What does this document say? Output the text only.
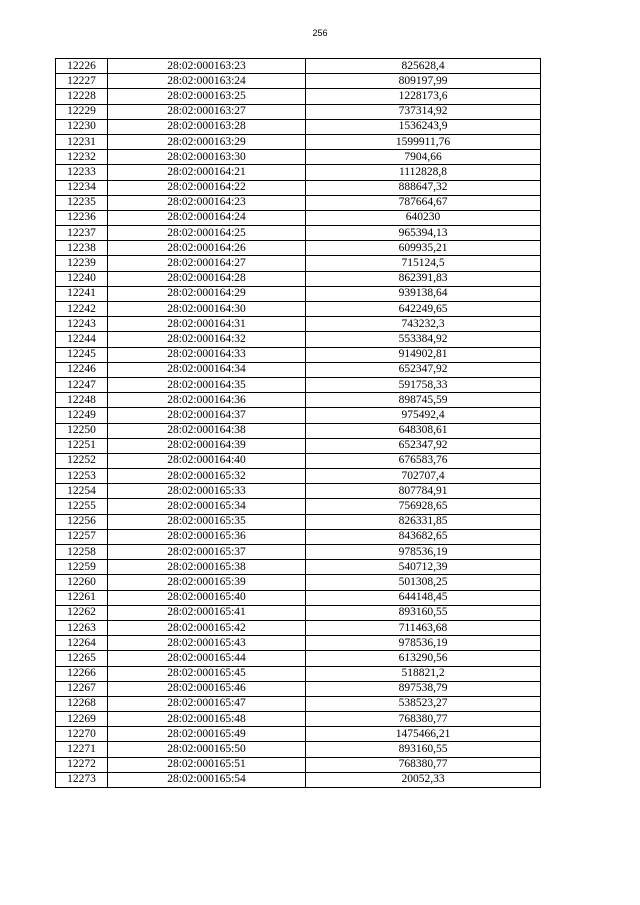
256
12226	28:02:000163:23	825628,4
12227	28:02:000163:24	809197,99
12228	28:02:000163:25	1228173,6
12229	28:02:000163:27	737314,92
12230	28:02:000163:28	1536243,9
12231	28:02:000163:29	1599911,76
12232	28:02:000163:30	7904,66
12233	28:02:000164:21	1112828,8
12234	28:02:000164:22	888647,32
12235	28:02:000164:23	787664,67
12236	28:02:000164:24	640230
12237	28:02:000164:25	965394,13
12238	28:02:000164:26	609935,21
12239	28:02:000164:27	715124,5
12240	28:02:000164:28	862391,83
12241	28:02:000164:29	939138,64
12242	28:02:000164:30	642249,65
12243	28:02:000164:31	743232,3
12244	28:02:000164:32	553384,92
12245	28:02:000164:33	914902,81
12246	28:02:000164:34	652347,92
12247	28:02:000164:35	591758,33
12248	28:02:000164:36	898745,59
12249	28:02:000164:37	975492,4
12250	28:02:000164:38	648308,61
12251	28:02:000164:39	652347,92
12252	28:02:000164:40	676583,76
12253	28:02:000165:32	702707,4
12254	28:02:000165:33	807784,91
12255	28:02:000165:34	756928,65
12256	28:02:000165:35	826331,85
12257	28:02:000165:36	843682,65
12258	28:02:000165:37	978536,19
12259	28:02:000165:38	540712,39
12260	28:02:000165:39	501308,25
12261	28:02:000165:40	644148,45
12262	28:02:000165:41	893160,55
12263	28:02:000165:42	711463,68
12264	28:02:000165:43	978536,19
12265	28:02:000165:44	613290,56
12266	28:02:000165:45	518821,2
12267	28:02:000165:46	897538,79
12268	28:02:000165:47	538523,27
12269	28:02:000165:48	768380,77
12270	28:02:000165:49	1475466,21
12271	28:02:000165:50	893160,55
12272	28:02:000165:51	768380,77
12273	28:02:000165:54	20052,33
